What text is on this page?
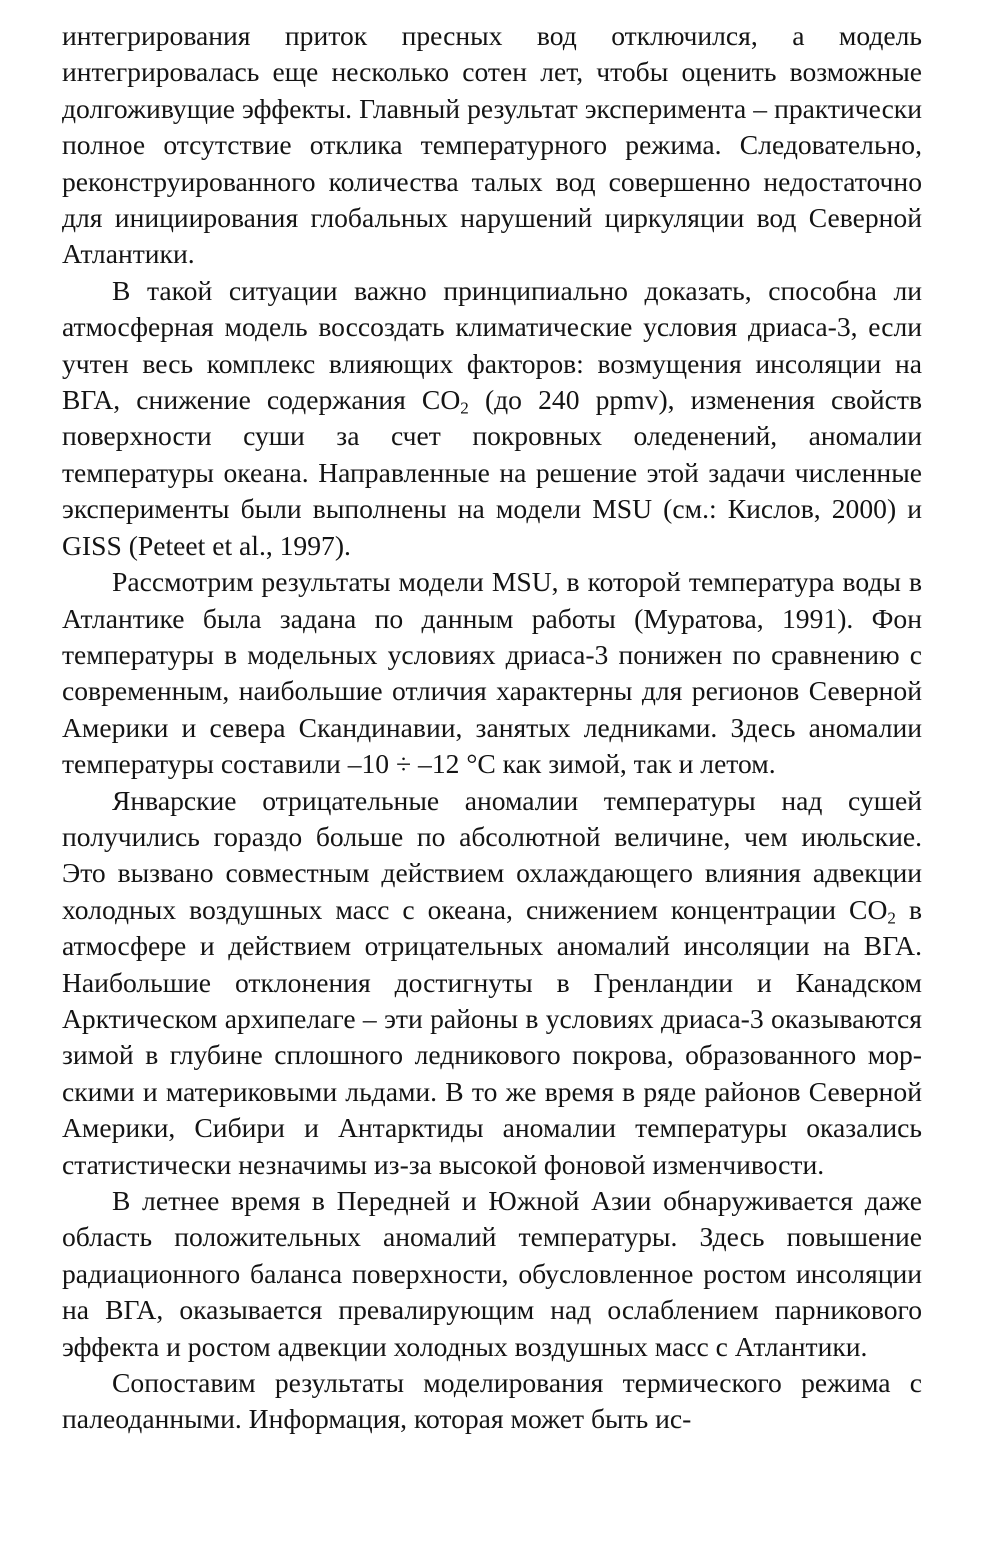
интегрирования приток пресных вод отключился, а модель интегрировалась еще несколько сотен лет, чтобы оценить возможные долгоживущие эффекты. Главный результат эксперимента – практически полное отсутствие отклика температурного режима. Следовательно, реконструированного количества талых вод совершенно недостаточно для инициирования глобальных нарушений циркуляции вод Северной Атлантики.

В такой ситуации важно принципиально доказать, способна ли атмосферная модель воссоздать климатические условия дриаса-3, если учтен весь комплекс влияющих факторов: возмущения инсоляции на ВГА, снижение содержания $CO_2$ (до 240 ppmv), изменения свойств поверхности суши за счет покровных оледенений, аномалии температуры океана. Направленные на решение этой задачи численные эксперименты были выполнены на модели MSU (см.: Кислов, 2000) и GISS (Peteet et al., 1997).

Рассмотрим результаты модели MSU, в которой температура воды в Атлантике была задана по данным работы (Муратова, 1991). Фон температуры в модельных условиях дриаса-3 понижен по сравнению с современным, наибольшие отличия характерны для регионов Северной Америки и севера Скандинавии, занятых ледниками. Здесь аномалии температуры составили –10 ÷ –12 °C как зимой, так и летом.

Январские отрицательные аномалии температуры над сушей получились гораздо больше по абсолютной величине, чем июльские. Это вызвано совместным действием охлаждающего влияния адвекции холодных воздушных масс с океана, снижением концентрации $CO_2$ в атмосфере и действием отрицательных аномалий инсоляции на ВГА. Наибольшие отклонения достигнуты в Гренландии и Канадском Арктическом архипелаге – эти районы в условиях дриаса-3 оказываются зимой в глубине сплошного ледникового покрова, образованного морскими и материковыми льдами. В то же время в ряде районов Северной Америки, Сибири и Антарктиды аномалии температуры оказались статистически незначимы из-за высокой фоновой изменчивости.

В летнее время в Передней и Южной Азии обнаруживается даже область положительных аномалий температуры. Здесь повышение радиационного баланса поверхности, обусловленное ростом инсоляции на ВГА, оказывается превалирующим над ослаблением парникового эффекта и ростом адвекции холодных воздушных масс с Атлантики.

Сопоставим результаты моделирования термического режима с палеоданными. Информация, которая может быть ис-
